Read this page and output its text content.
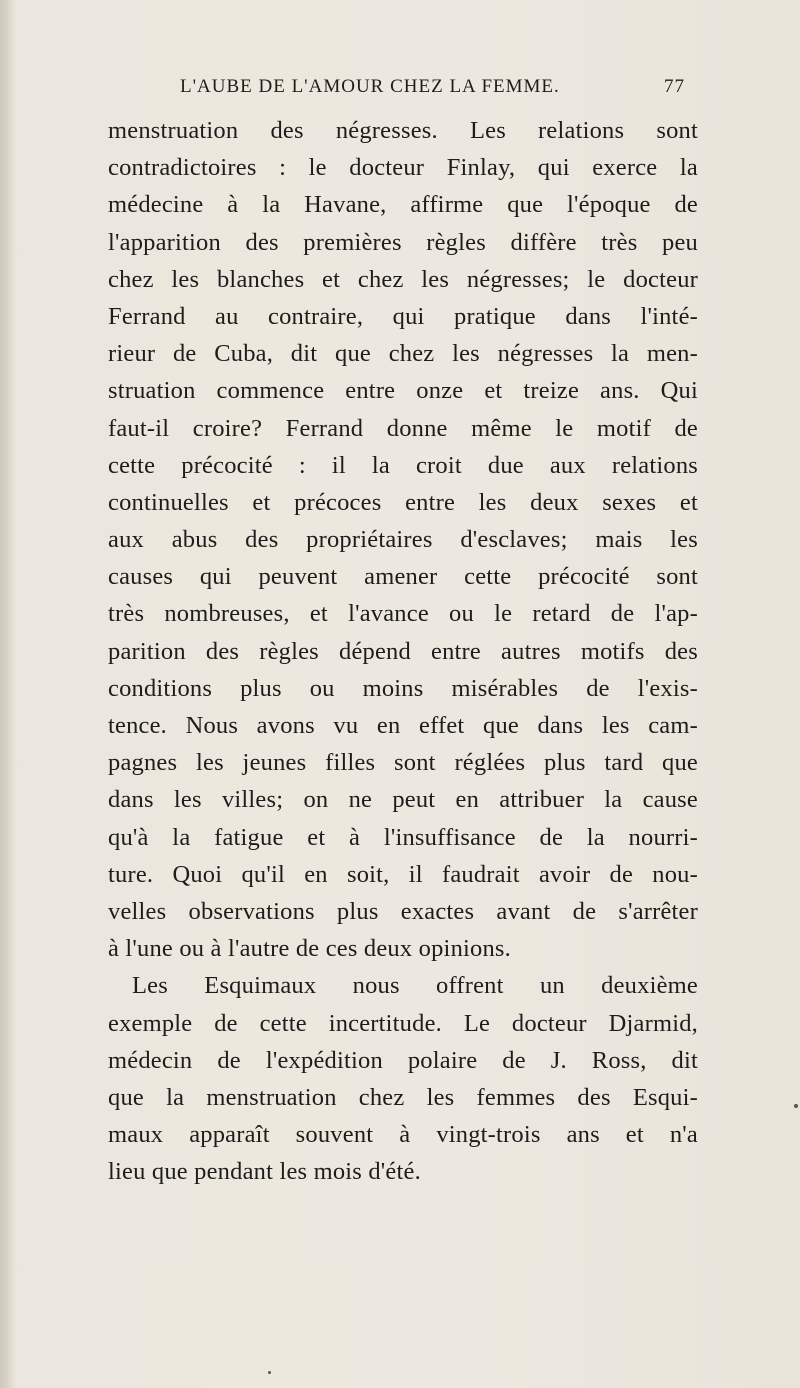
L'AUBE DE L'AMOUR CHEZ LA FEMME.	77
menstruation des négresses. Les relations sont
contradictoires : le docteur Finlay, qui exerce la
médecine à la Havane, affirme que l'époque de
l'apparition des premières règles diffère très peu
chez les blanches et chez les négresses; le docteur
Ferrand au contraire, qui pratique dans l'inté-
rieur de Cuba, dit que chez les négresses la men-
struation commence entre onze et treize ans. Qui
faut-il croire? Ferrand donne même le motif de
cette précocité : il la croit due aux relations
continuelles et précoces entre les deux sexes et
aux abus des propriétaires d'esclaves; mais les
causes qui peuvent amener cette précocité sont
très nombreuses, et l'avance ou le retard de l'ap-
parition des règles dépend entre autres motifs des
conditions plus ou moins misérables de l'exis-
tence. Nous avons vu en effet que dans les cam-
pagnes les jeunes filles sont réglées plus tard que
dans les villes; on ne peut en attribuer la cause
qu'à la fatigue et à l'insuffisance de la nourri-
ture. Quoi qu'il en soit, il faudrait avoir de nou-
velles observations plus exactes avant de s'arrêter
à l'une ou à l'autre de ces deux opinions.
Les Esquimaux nous offrent un deuxième
exemple de cette incertitude. Le docteur Djarmid,
médecin de l'expédition polaire de J. Ross, dit
que la menstruation chez les femmes des Esqui-
maux apparaît souvent à vingt-trois ans et n'a
lieu que pendant les mois d'été.
